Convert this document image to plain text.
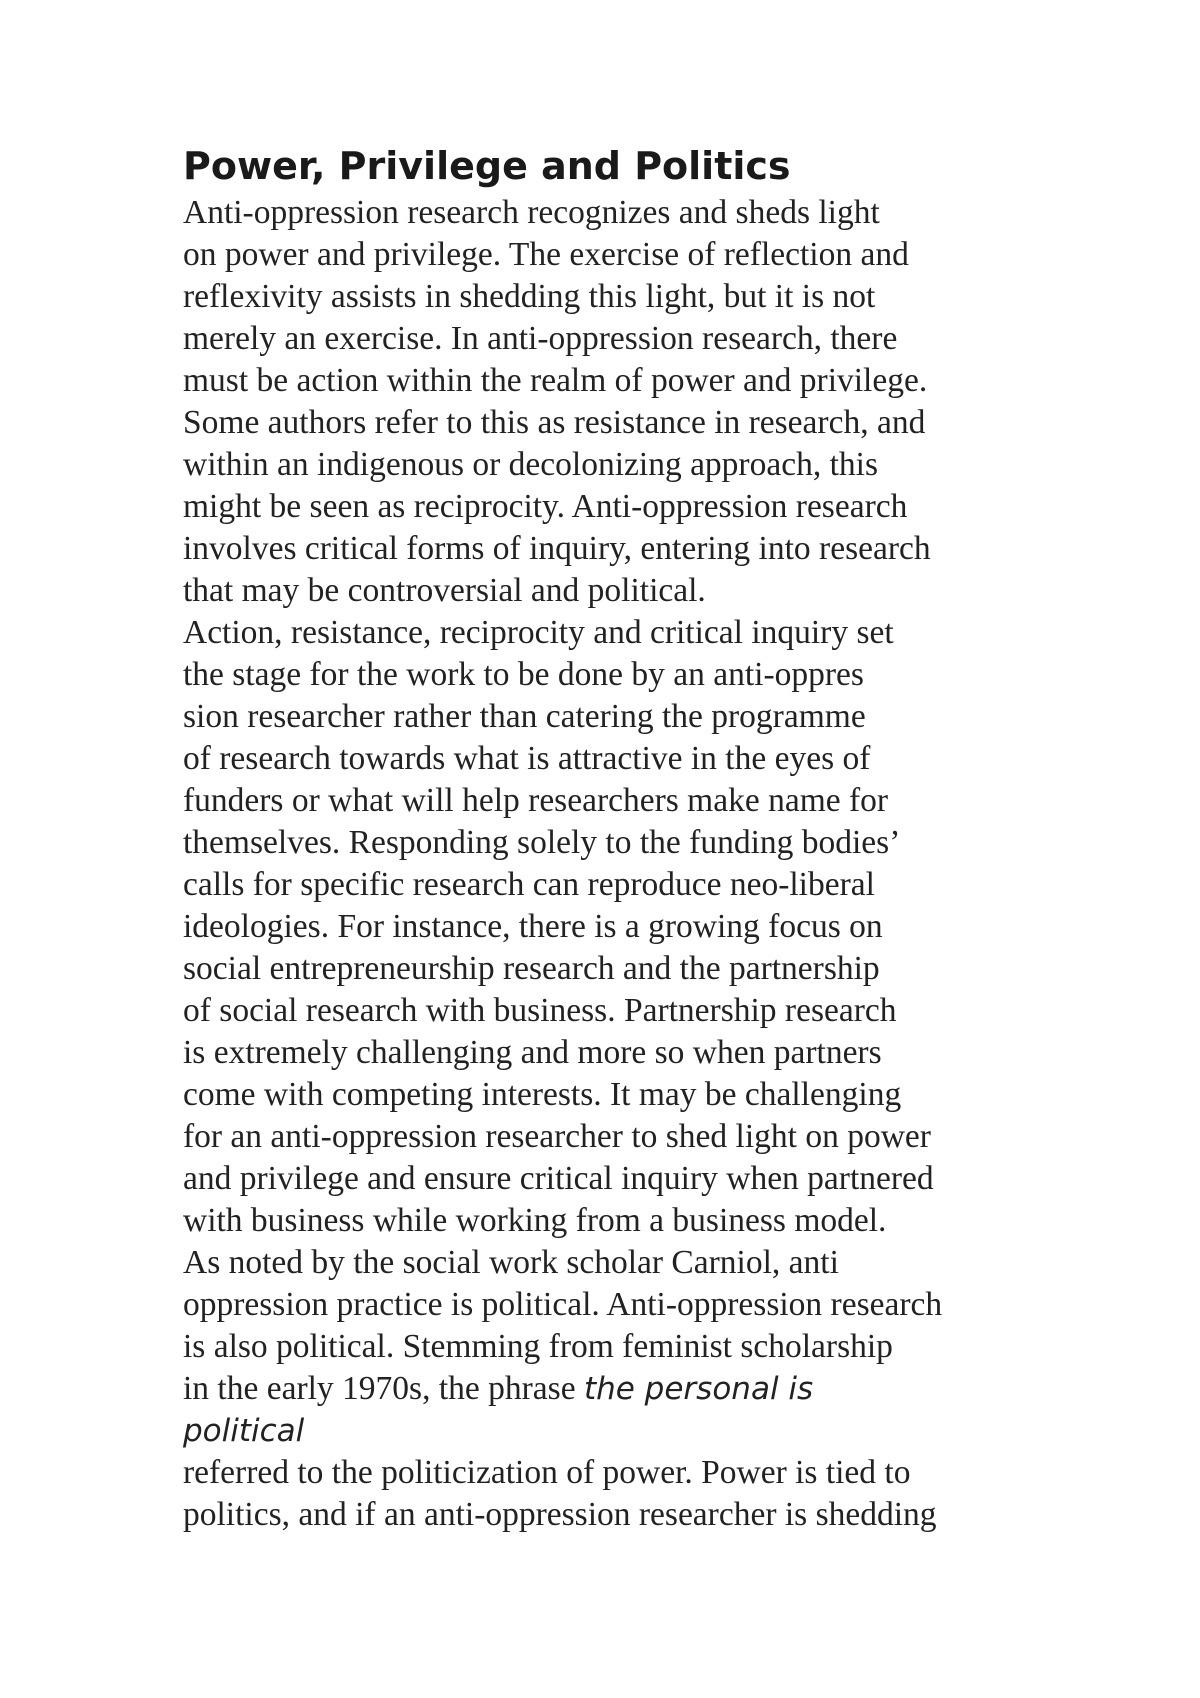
Power, Privilege and Politics
Anti-oppression research recognizes and sheds light
on power and privilege. The exercise of reflection and
reflexivity assists in shedding this light, but it is not
merely an exercise. In anti-oppression research, there
must be action within the realm of power and privilege.
Some authors refer to this as resistance in research, and
within an indigenous or decolonizing approach, this
might be seen as reciprocity. Anti-oppression research
involves critical forms of inquiry, entering into research
that may be controversial and political.
Action, resistance, reciprocity and critical inquiry set
the stage for the work to be done by an anti-oppres
sion researcher rather than catering the programme
of research towards what is attractive in the eyes of
funders or what will help researchers make name for
themselves. Responding solely to the funding bodies’
calls for specific research can reproduce neo-liberal
ideologies. For instance, there is a growing focus on
social entrepreneurship research and the partnership
of social research with business. Partnership research
is extremely challenging and more so when partners
come with competing interests. It may be challenging
for an anti-oppression researcher to shed light on power
and privilege and ensure critical inquiry when partnered
with business while working from a business model.
As noted by the social work scholar Carniol, anti
oppression practice is political. Anti-oppression research
is also political. Stemming from feminist scholarship
in the early 1970s, the phrase the personal is
political
referred to the politicization of power. Power is tied to
politics, and if an anti-oppression researcher is shedding
